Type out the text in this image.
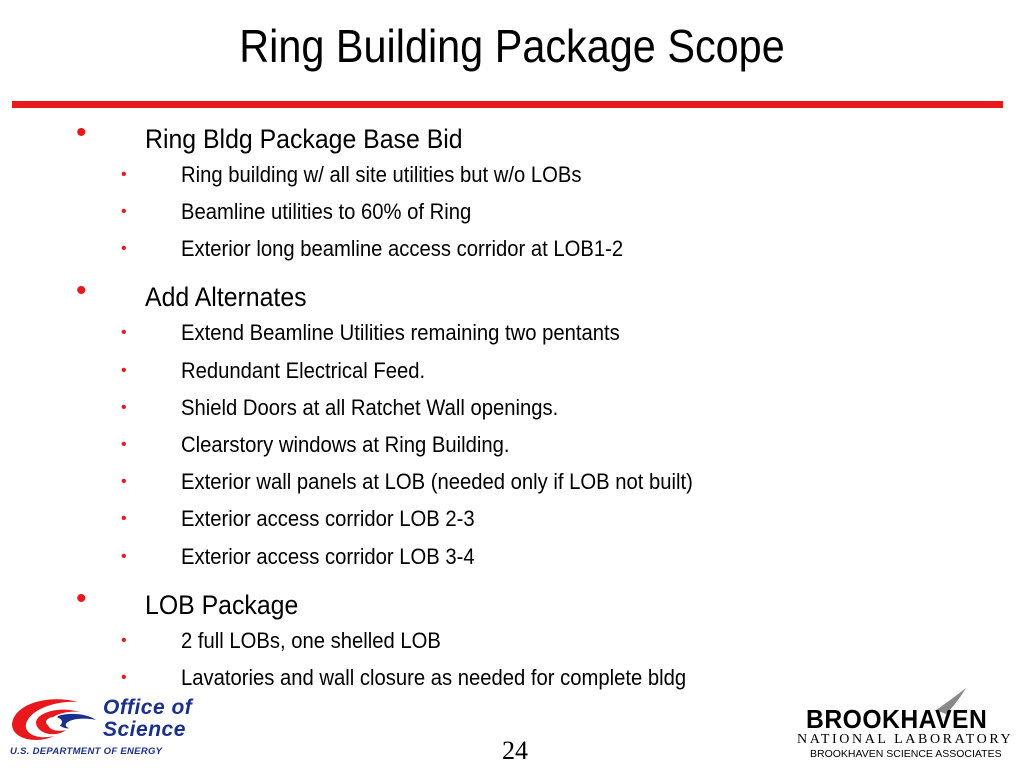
Ring Building Package Scope
• Ring Bldg Package Base Bid
• Ring building w/ all site utilities but w/o LOBs
• Beamline utilities to 60% of Ring
• Exterior long beamline access corridor at LOB1-2
• Add Alternates
• Extend Beamline Utilities remaining two pentants
• Redundant Electrical Feed.
• Shield Doors at all Ratchet Wall openings.
• Clearstory windows at Ring Building.
• Exterior wall panels at LOB (needed only if LOB not built)
• Exterior access corridor LOB 2-3
• Exterior access corridor LOB 3-4
• LOB Package
• 2 full LOBs, one shelled LOB
• Lavatories and wall closure as needed for complete bldg
Office of
Science
U.S. DEPARTMENT OF ENERGY	24
BROOKHAVEN
NATIONAL LABORATORY
BROOKHAVEN SCIENCE ASSOCIATES
